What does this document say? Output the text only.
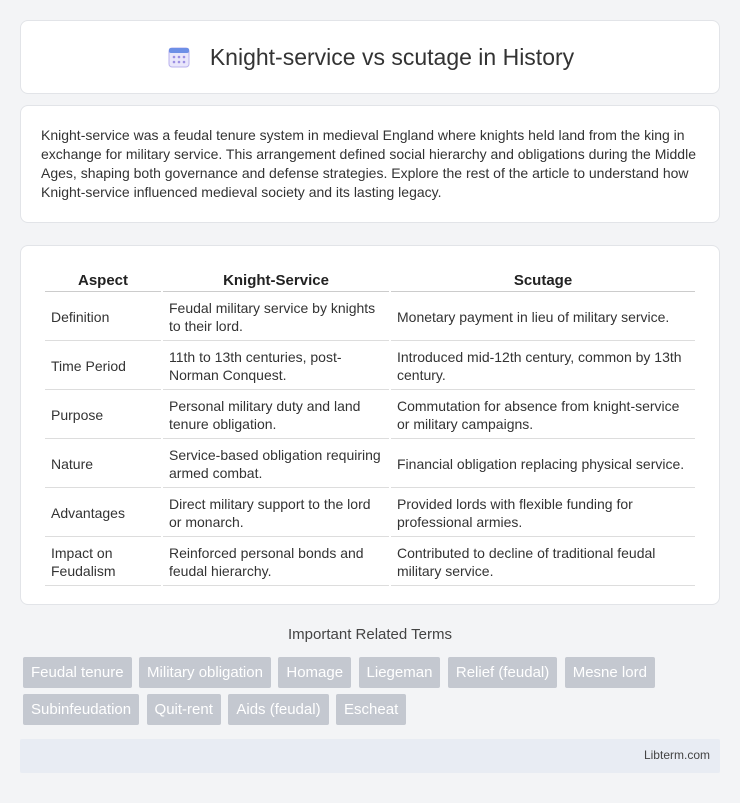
Knight-service vs scutage in History

Knight-service was a feudal tenure system in medieval England where knights held land from the king in exchange for military service. This arrangement defined social hierarchy and obligations during the Middle Ages, shaping both governance and defense strategies. Explore the rest of the article to understand how Knight-service influenced medieval society and its lasting legacy.

Aspect	Knight-Service	Scutage
Definition	Feudal military service by knights to their lord.	Monetary payment in lieu of military service.
Time Period	11th to 13th centuries, post-Norman Conquest.	Introduced mid-12th century, common by 13th century.
Purpose	Personal military duty and land tenure obligation.	Commutation for absence from knight-service or military campaigns.
Nature	Service-based obligation requiring armed combat.	Financial obligation replacing physical service.
Advantages	Direct military support to the lord or monarch.	Provided lords with flexible funding for professional armies.
Impact on Feudalism	Reinforced personal bonds and feudal hierarchy.	Contributed to decline of traditional feudal military service.
Important Related Terms
Feudal tenure Military obligation Homage Liegeman Relief (feudal) Mesne lord Subinfeudation Quit-rent Aids (feudal) Escheat
Libterm.com
